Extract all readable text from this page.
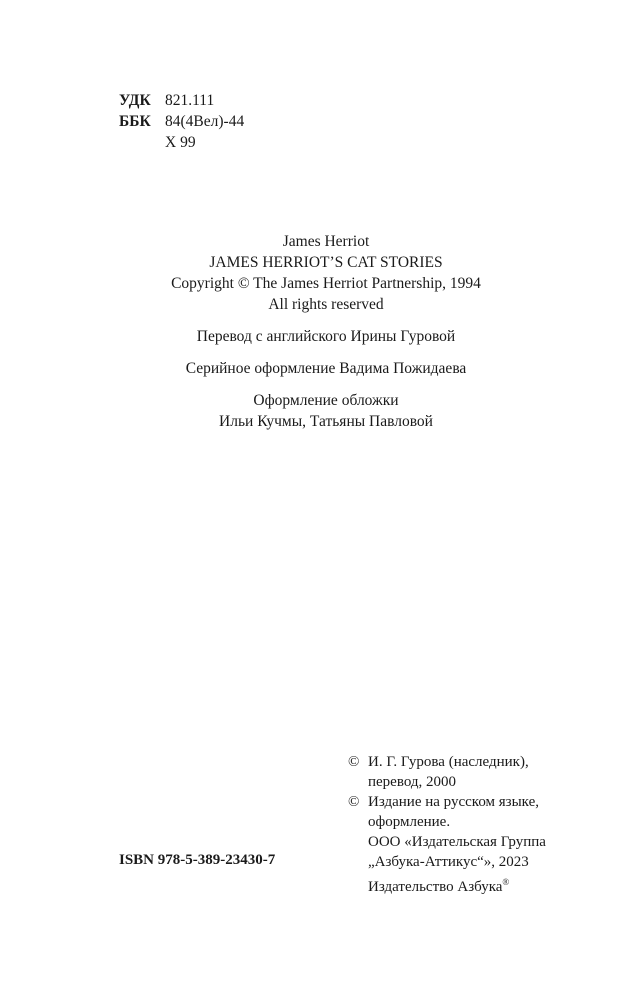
УДК 821.111
ББК 84(4Вел)-44
Х 99
James Herriot
JAMES HERRIOT’S CAT STORIES
Copyright © The James Herriot Partnership, 1994
All rights reserved
Перевод с английского Ирины Гуровой
Серийное оформление Вадима Пожидаева
Оформление обложки
Ильи Кучмы, Татьяны Павловой
© И. Г. Гурова (наследник),
перевод, 2000
© Издание на русском языке,
оформление.
ООО «Издательская Группа
„Азбука-Аттикус“», 2023
Издательство Азбука®
ISBN 978-5-389-23430-7
